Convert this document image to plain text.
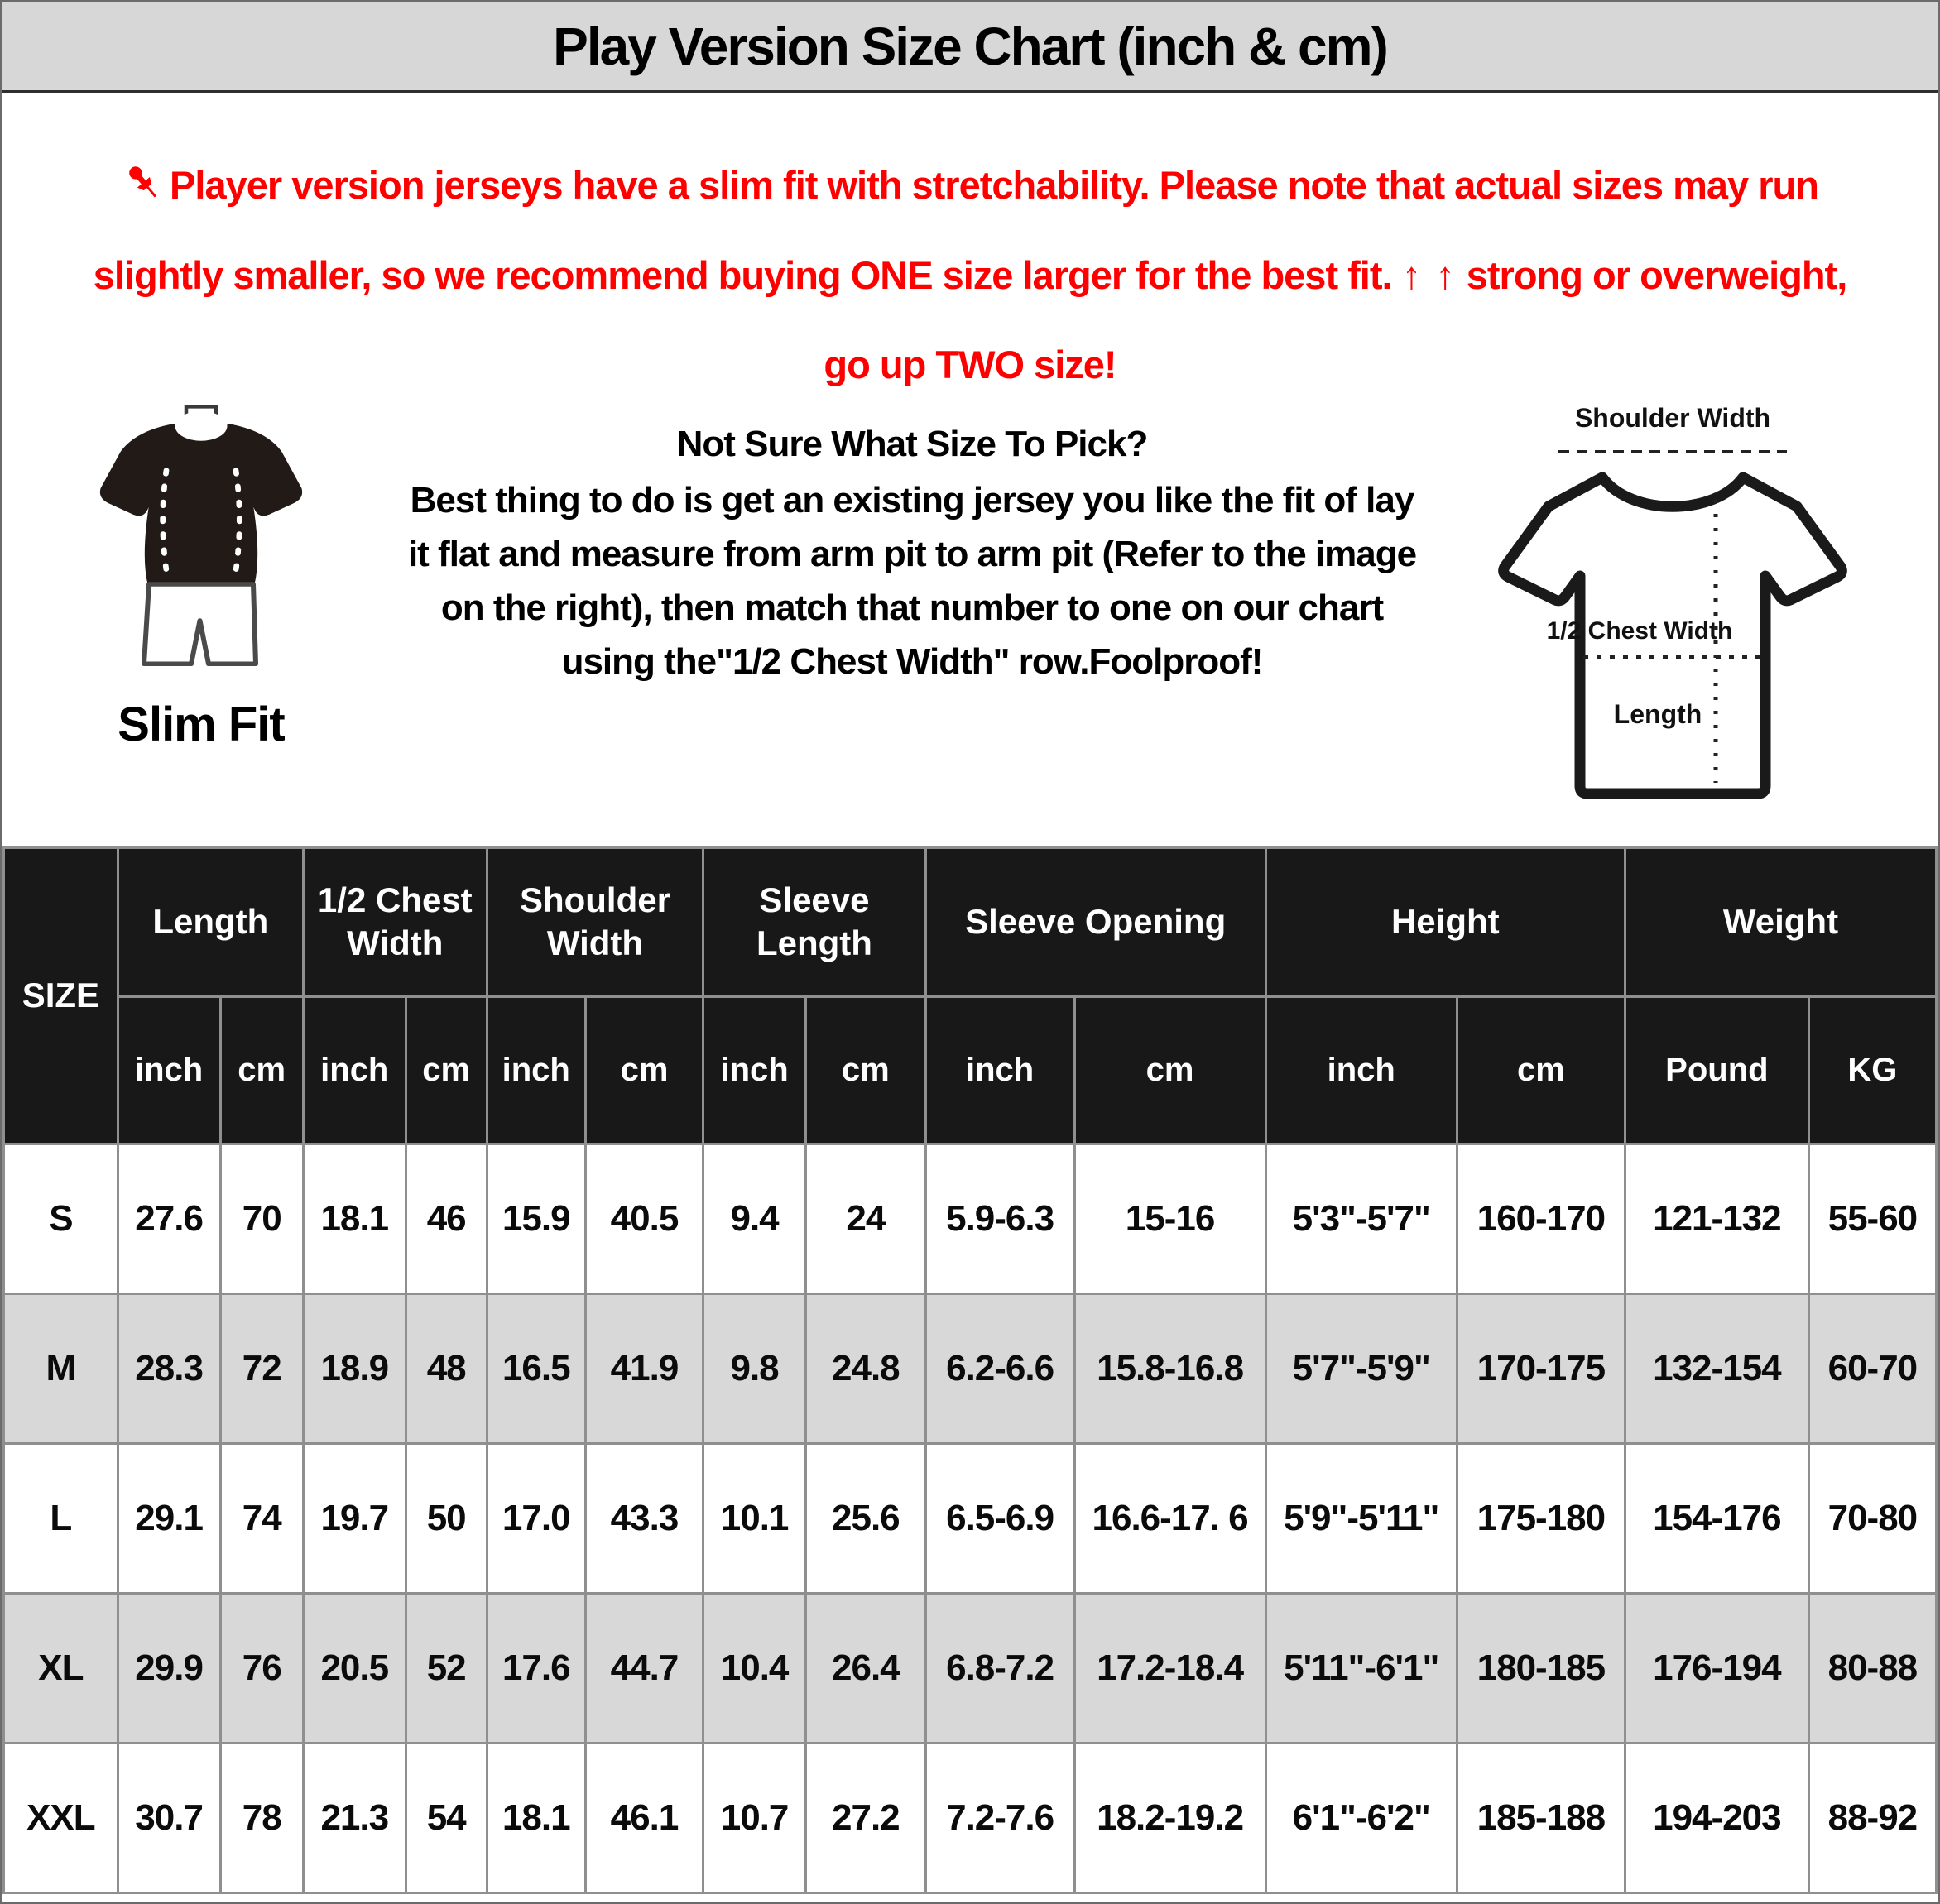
Play Version Size Chart (inch & cm)
Player version jerseys have a slim fit with stretchability. Please note that actual sizes may run
slightly smaller, so we recommend buying ONE size larger for the best fit. ↑ ↑ strong or overweight,
go up TWO size!
Slim Fit
Not Sure What Size To Pick?
Best thing to do is get an existing jersey you like the fit of lay it flat and measure from arm pit to arm pit (Refer to the image on the right), then match that number to one on our chart using the"1/2 Chest Width" row.Foolproof!
Shoulder Width
1/2 Chest Width
Length
SIZE	Length		1/2 Chest Width		Shoulder Width		Sleeve Length		Sleeve Opening		Height		Weight	
	inch	cm	inch	cm	inch	cm	inch	cm	inch	cm	inch	cm	Pound	KG
S	27.6	70	18.1	46	15.9	40.5	9.4	24	5.9-6.3	15-16	5'3"-5'7"	160-170	121-132	55-60
M	28.3	72	18.9	48	16.5	41.9	9.8	24.8	6.2-6.6	15.8-16.8	5'7"-5'9"	170-175	132-154	60-70
L	29.1	74	19.7	50	17.0	43.3	10.1	25.6	6.5-6.9	16.6-17. 6	5'9"-5'11"	175-180	154-176	70-80
XL	29.9	76	20.5	52	17.6	44.7	10.4	26.4	6.8-7.2	17.2-18.4	5'11"-6'1"	180-185	176-194	80-88
XXL	30.7	78	21.3	54	18.1	46.1	10.7	27.2	7.2-7.6	18.2-19.2	6'1"-6'2"	185-188	194-203	88-92
